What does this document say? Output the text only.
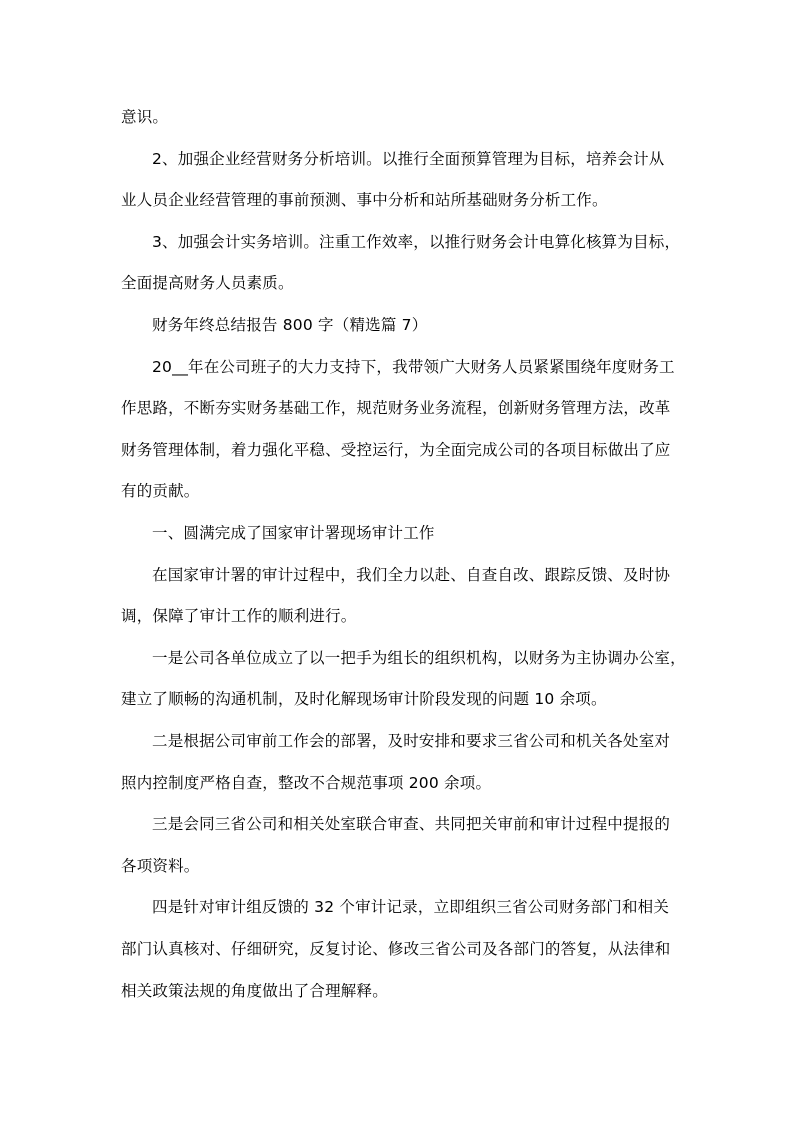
意识。
2、加强企业经营财务分析培训。以推行全面预算管理为目标，培养会计从
业人员企业经营管理的事前预测、事中分析和站所基础财务分析工作。
3、加强会计实务培训。注重工作效率，以推行财务会计电算化核算为目标，
全面提高财务人员素质。
财务年终总结报告 800 字（精选篇 7）
20__年在公司班子的大力支持下，我带领广大财务人员紧紧围绕年度财务工
作思路，不断夯实财务基础工作，规范财务业务流程，创新财务管理方法，改革
财务管理体制，着力强化平稳、受控运行，为全面完成公司的各项目标做出了应
有的贡献。
一、圆满完成了国家审计署现场审计工作
在国家审计署的审计过程中，我们全力以赴、自查自改、跟踪反馈、及时协
调，保障了审计工作的顺利进行。
一是公司各单位成立了以一把手为组长的组织机构，以财务为主协调办公室，
建立了顺畅的沟通机制，及时化解现场审计阶段发现的问题 10 余项。
二是根据公司审前工作会的部署，及时安排和要求三省公司和机关各处室对
照内控制度严格自查，整改不合规范事项 200 余项。
三是会同三省公司和相关处室联合审查、共同把关审前和审计过程中提报的
各项资料。
四是针对审计组反馈的 32 个审计记录，立即组织三省公司财务部门和相关
部门认真核对、仔细研究，反复讨论、修改三省公司及各部门的答复，从法律和
相关政策法规的角度做出了合理解释。
